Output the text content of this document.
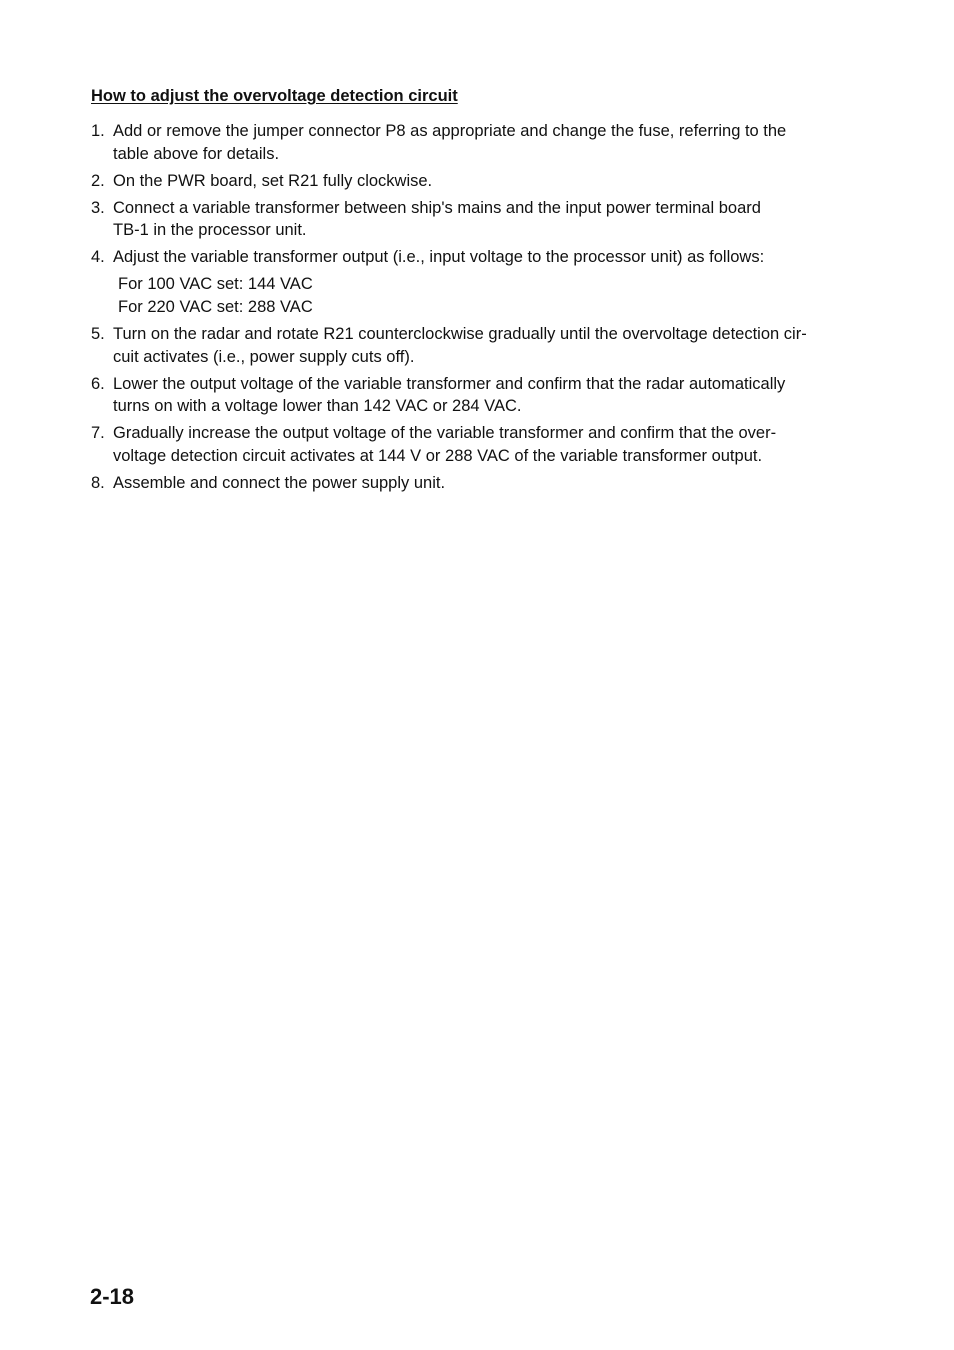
How to adjust the overvoltage detection circuit
1. Add or remove the jumper connector P8 as appropriate and change the fuse, referring to the
table above for details.
2. On the PWR board, set R21 fully clockwise.
3. Connect a variable transformer between ship's mains and the input power terminal board
TB-1 in the processor unit.
4. Adjust the variable transformer output (i.e., input voltage to the processor unit) as follows:
For 100 VAC set: 144 VAC
For 220 VAC set: 288 VAC
5. Turn on the radar and rotate R21 counterclockwise gradually until the overvoltage detection cir-
cuit activates (i.e., power supply cuts off).
6. Lower the output voltage of the variable transformer and confirm that the radar automatically
turns on with a voltage lower than 142 VAC or 284 VAC.
7. Gradually increase the output voltage of the variable transformer and confirm that the over-
voltage detection circuit activates at 144 V or 288 VAC of the variable transformer output.
8. Assemble and connect the power supply unit.
2-18
